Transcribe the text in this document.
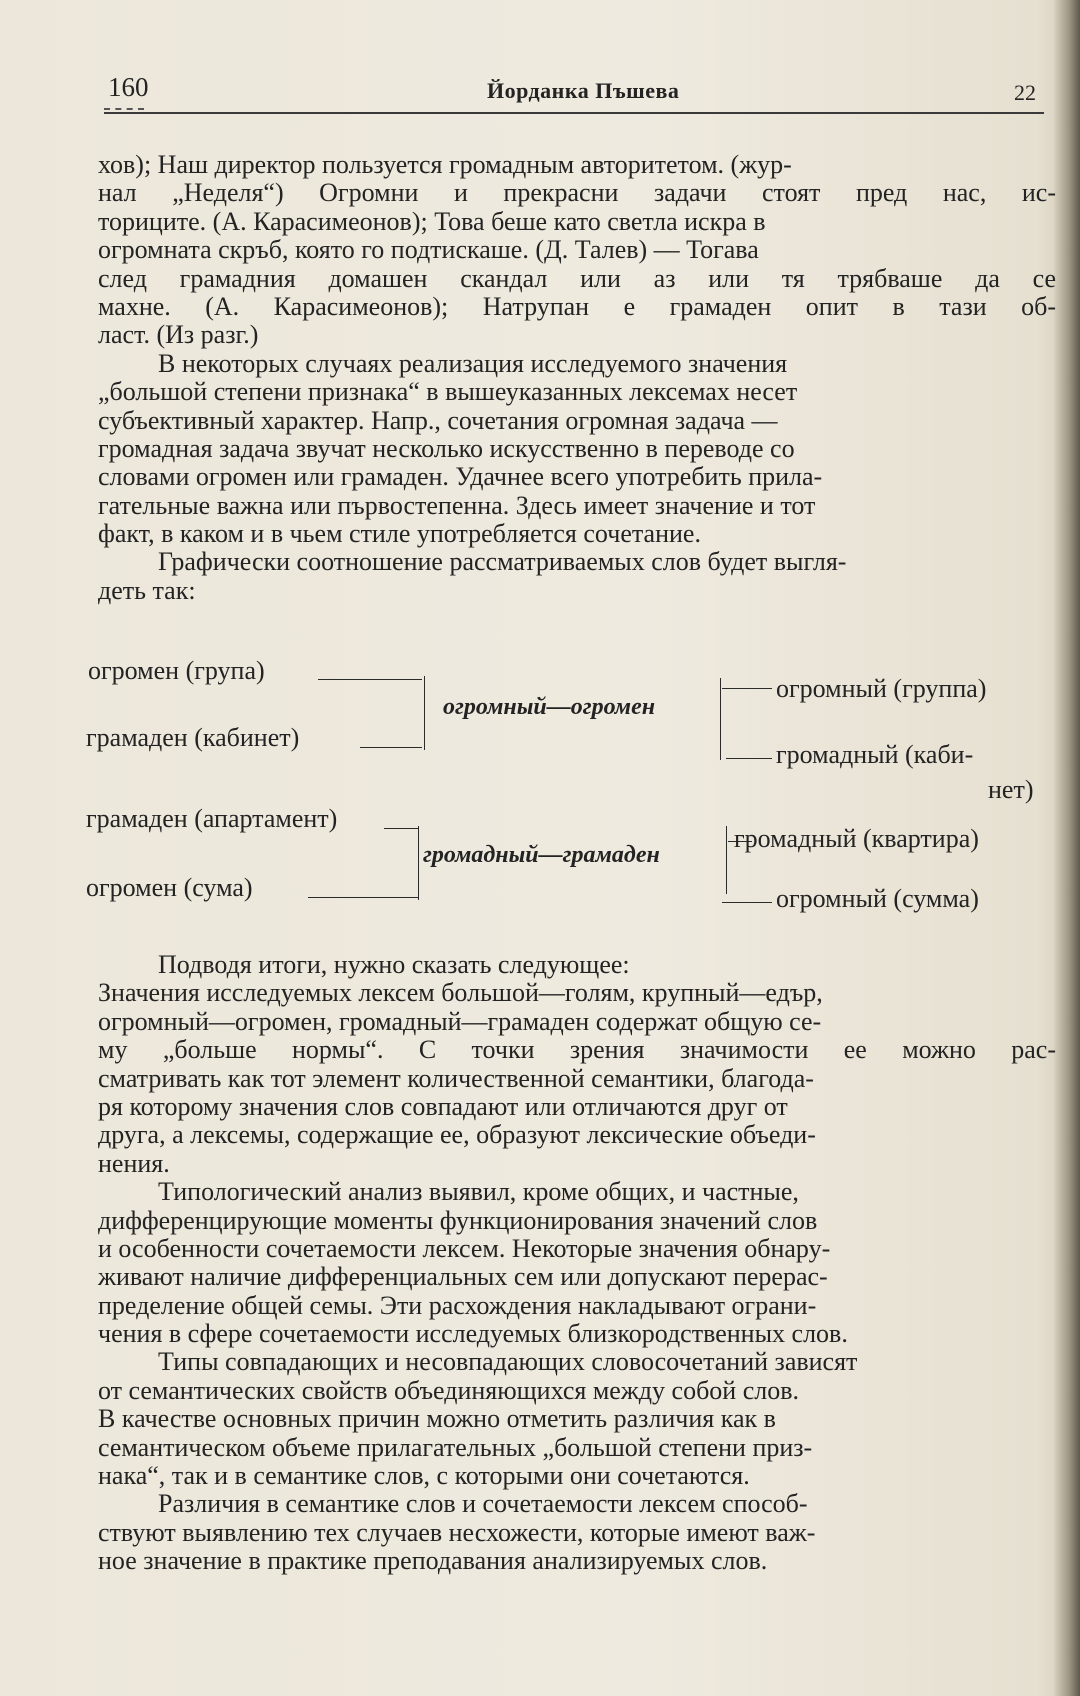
160	Йорданка Пъшева	22
хов); Наш директор пользуется громадным авторитетом. (жур-
нал „Неделя“) Огромни и прекрасни задачи стоят пред нас, ис-
ториците. (А. Карасимеонов); Това беше като светла искра в
огромната скръб, която го подтискаше. (Д. Талев) — Тогава
след грамадния домашен скандал или аз или тя трябваше да се
махне. (А. Карасимеонов); Натрупан е грамаден опит в тази об-
ласт. (Из разг.)
В некоторых случаях реализация исследуемого значения
„большой степени признака“ в вышеуказанных лексемах несет
субъективный характер. Напр., сочетания огромная задача —
громадная задача звучат несколько искусственно в переводе со
словами огромен или грамаден. Удачнее всего употребить прила-
гательные важна или първостепенна. Здесь имеет значение и тот
факт, в каком и в чьем стиле употребляется сочетание.
Графически соотношение рассматриваемых слов будет выгля-
деть так:
огромен (група)
грамаден (кабинет)
огромный—огромен
огромный (группа)
громадный (каби-
нет)
грамаден (апартамент)
огромен (сума)
громадный—грамаден
громадный (квартира)
огромный (сумма)
Подводя итоги, нужно сказать следующее:
Значения исследуемых лексем большой—голям, крупный—едър,
огромный—огромен, громадный—грамаден содержат общую се-
му „больше нормы“. С точки зрения значимости ее можно рас-
сматривать как тот элемент количественной семантики, благода-
ря которому значения слов совпадают или отличаются друг от
друга, а лексемы, содержащие ее, образуют лексические объеди-
нения.
Типологический анализ выявил, кроме общих, и частные,
дифференцирующие моменты функционирования значений слов
и особенности сочетаемости лексем. Некоторые значения обнару-
живают наличие дифференциальных сем или допускают перерас-
пределение общей семы. Эти расхождения накладывают ограни-
чения в сфере сочетаемости исследуемых близкородственных слов.
Типы совпадающих и несовпадающих словосочетаний зависят
от семантических свойств объединяющихся между собой слов.
В качестве основных причин можно отметить различия как в
семантическом объеме прилагательных „большой степени приз-
нака“, так и в семантике слов, с которыми они сочетаются.
Различия в семантике слов и сочетаемости лексем способ-
ствуют выявлению тех случаев несхожести, которые имеют важ-
ное значение в практике преподавания анализируемых слов.
